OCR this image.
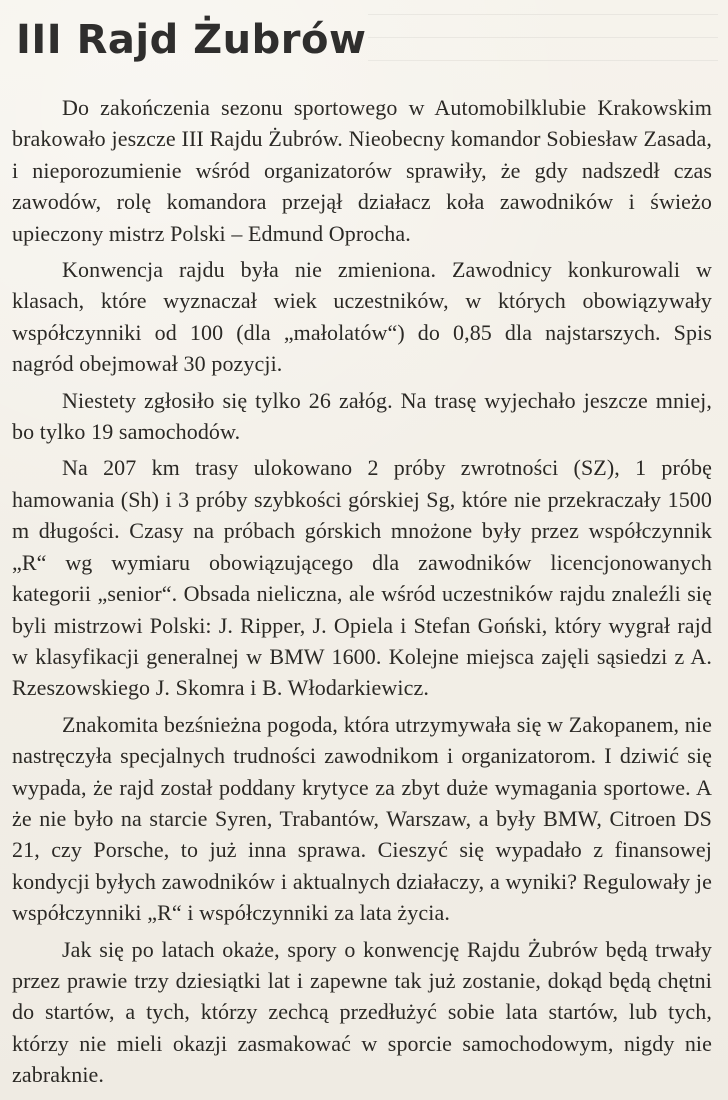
III Rajd Żubrów

Do zakończenia sezonu sportowego w Automobilklubie Krakowskim brakowało jeszcze III Rajdu Żubrów. Nieobecny komandor Sobiesław Zasada, i nieporozumienie wśród organizatorów sprawiły, że gdy nadszedł czas zawodów, rolę komandora przejął działacz koła zawodników i świeżo upieczony mistrz Polski – Edmund Oprocha.

Konwencja rajdu była nie zmieniona. Zawodnicy konkurowali w klasach, które wyznaczał wiek uczestników, w których obowiązywały współczynniki od 100 (dla „małolatów“) do 0,85 dla najstarszych. Spis nagród obejmował 30 pozycji.

Niestety zgłosiło się tylko 26 załóg. Na trasę wyjechało jeszcze mniej, bo tylko 19 samochodów.

Na 207 km trasy ulokowano 2 próby zwrotności (SZ), 1 próbę hamowania (Sh) i 3 próby szybkości górskiej Sg, które nie przekraczały 1500 m długości. Czasy na próbach górskich mnożone były przez współczynnik „R“ wg wymiaru obowiązującego dla zawodników licencjonowanych kategorii „senior“. Obsada nieliczna, ale wśród uczestników rajdu znaleźli się byli mistrzowi Polski: J. Ripper, J. Opiela i Stefan Goński, który wygrał rajd w klasyfikacji generalnej w BMW 1600. Kolejne miejsca zajęli sąsiedzi z A. Rzeszowskiego J. Skomra i B. Włodarkiewicz.

Znakomita bezśnieżna pogoda, która utrzymywała się w Zakopanem, nie nastręczyła specjalnych trudności zawodnikom i organizatorom. I dziwić się wypada, że rajd został poddany krytyce za zbyt duże wymagania sportowe. A że nie było na starcie Syren, Trabantów, Warszaw, a były BMW, Citroen DS 21, czy Porsche, to już inna sprawa. Cieszyć się wypadało z finansowej kondycji byłych zawodników i aktualnych działaczy, a wyniki? Regulowały je współczynniki „R“ i współczynniki za lata życia.

Jak się po latach okaże, spory o konwencję Rajdu Żubrów będą trwały przez prawie trzy dziesiątki lat i zapewne tak już zostanie, dokąd będą chętni do startów, a tych, którzy zechcą przedłużyć sobie lata startów, lub tych, którzy nie mieli okazji zasmakować w sporcie samochodowym, nigdy nie zabraknie.
